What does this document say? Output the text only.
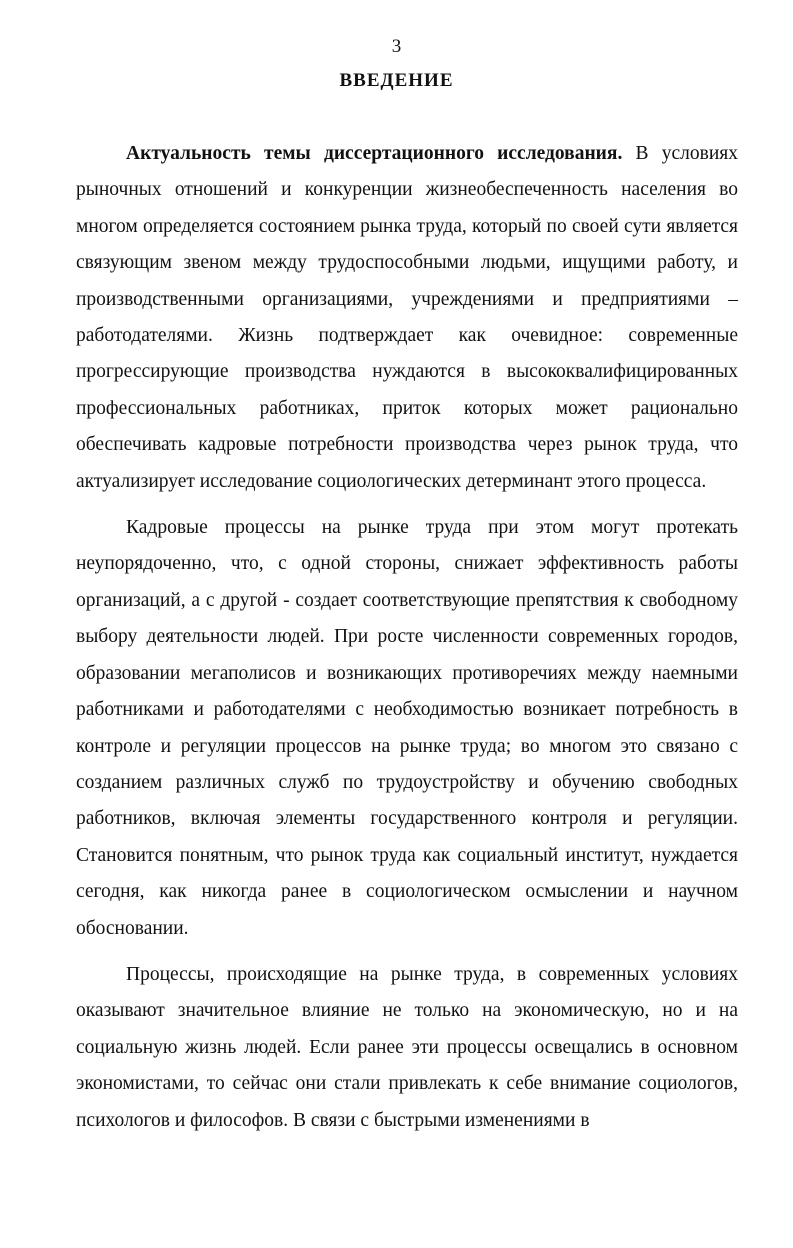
3
ВВЕДЕНИЕ

Актуальность темы диссертационного исследования. В условиях рыночных отношений и конкуренции жизнеобеспеченность населения во многом определяется состоянием рынка труда, который по своей сути является связующим звеном между трудоспособными людьми, ищущими работу, и производственными организациями, учреждениями и предприятиями – работодателями. Жизнь подтверждает как очевидное: современные прогрессирующие производства нуждаются в высококвалифицированных профессиональных работниках, приток которых может рационально обеспечивать кадровые потребности производства через рынок труда, что актуализирует исследование социологических детерминант этого процесса.

Кадровые процессы на рынке труда при этом могут протекать неупорядоченно, что, с одной стороны, снижает эффективность работы организаций, а с другой - создает соответствующие препятствия к свободному выбору деятельности людей. При росте численности современных городов, образовании мегаполисов и возникающих противоречиях между наемными работниками и работодателями с необходимостью возникает потребность в контроле и регуляции процессов на рынке труда; во многом это связано с созданием различных служб по трудоустройству и обучению свободных работников, включая элементы государственного контроля и регуляции. Становится понятным, что рынок труда как социальный институт, нуждается сегодня, как никогда ранее в социологическом осмыслении и научном обосновании.

Процессы, происходящие на рынке труда, в современных условиях оказывают значительное влияние не только на экономическую, но и на социальную жизнь людей. Если ранее эти процессы освещались в основном экономистами, то сейчас они стали привлекать к себе внимание социологов, психологов и философов. В связи с быстрыми изменениями в
